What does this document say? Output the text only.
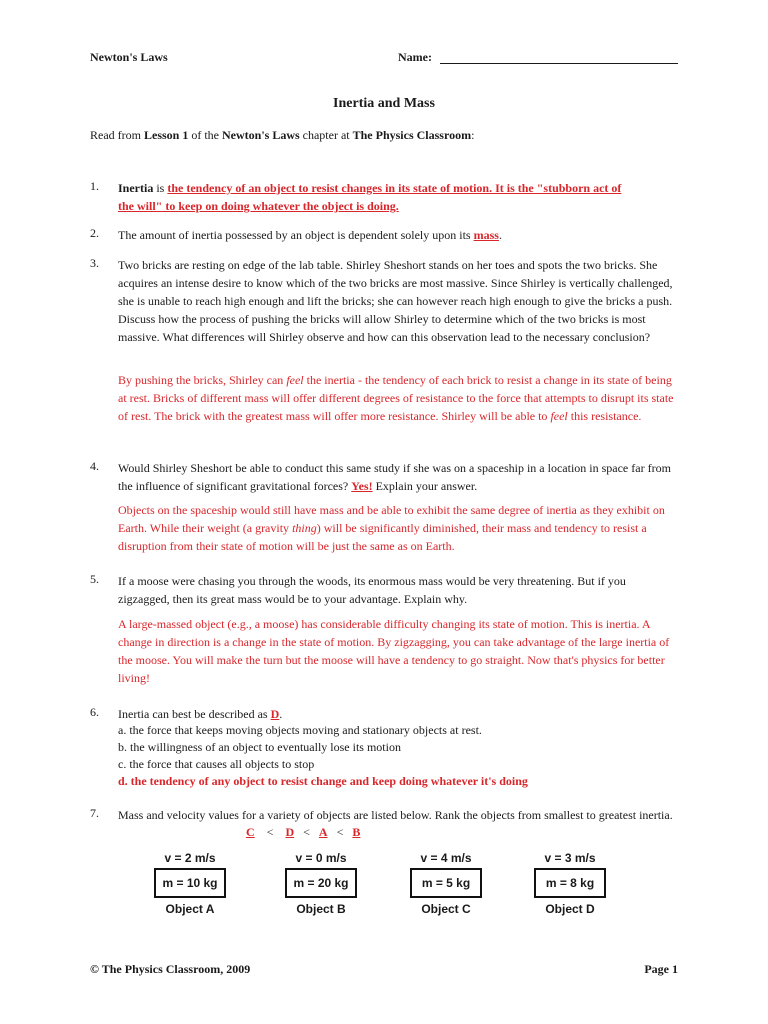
Newton's Laws	Name:
Inertia and Mass
Read from Lesson 1 of the Newton's Laws chapter at The Physics Classroom:
1. Inertia is the tendency of an object to resist changes in its state of motion. It is the "stubborn act of
the will" to keep on doing whatever the object is doing.
2. The amount of inertia possessed by an object is dependent solely upon its mass.
3. Two bricks are resting on edge of the lab table. Shirley Sheshort stands on her toes and spots the two bricks. She acquires an intense desire to know which of the two bricks are most massive. Since Shirley is vertically challenged, she is unable to reach high enough and lift the bricks; she can however reach high enough to give the bricks a push. Discuss how the process of pushing the bricks will allow Shirley to determine which of the two bricks is most massive. What differences will Shirley observe and how can this observation lead to the necessary conclusion?
By pushing the bricks, Shirley can feel the inertia - the tendency of each brick to resist a change in its state of being at rest. Bricks of different mass will offer different degrees of resistance to the force that attempts to disrupt its state of rest. The brick with the greatest mass will offer more resistance. Shirley will be able to feel this resistance.
4. Would Shirley Sheshort be able to conduct this same study if she was on a spaceship in a location in space far from the influence of significant gravitational forces? Yes! Explain your answer.
Objects on the spaceship would still have mass and be able to exhibit the same degree of inertia as they exhibit on Earth. While their weight (a gravity thing) will be significantly diminished, their mass and tendency to resist a disruption from their state of motion will be just the same as on Earth.
5. If a moose were chasing you through the woods, its enormous mass would be very threatening. But if you zigzagged, then its great mass would be to your advantage. Explain why.
A large-massed object (e.g., a moose) has considerable difficulty changing its state of motion. This is inertia. A change in direction is a change in the state of motion. By zigzagging, you can take advantage of the large inertia of the moose. You will make the turn but the moose will have a tendency to go straight. Now that's physics for better living!
6. Inertia can best be described as D.
a. the force that keeps moving objects moving and stationary objects at rest.
b. the willingness of an object to eventually lose its motion
c. the force that causes all objects to stop
d. the tendency of any object to resist change and keep doing whatever it's doing
7. Mass and velocity values for a variety of objects are listed below. Rank the objects from smallest to greatest inertia.
C < D < A < B
v = 2 m/s
m = 10 kg
Object A
v = 0 m/s
m = 20 kg
Object B
v = 4 m/s
m = 5 kg
Object C
v = 3 m/s
m = 8 kg
Object D
© The Physics Classroom, 2009	Page 1
